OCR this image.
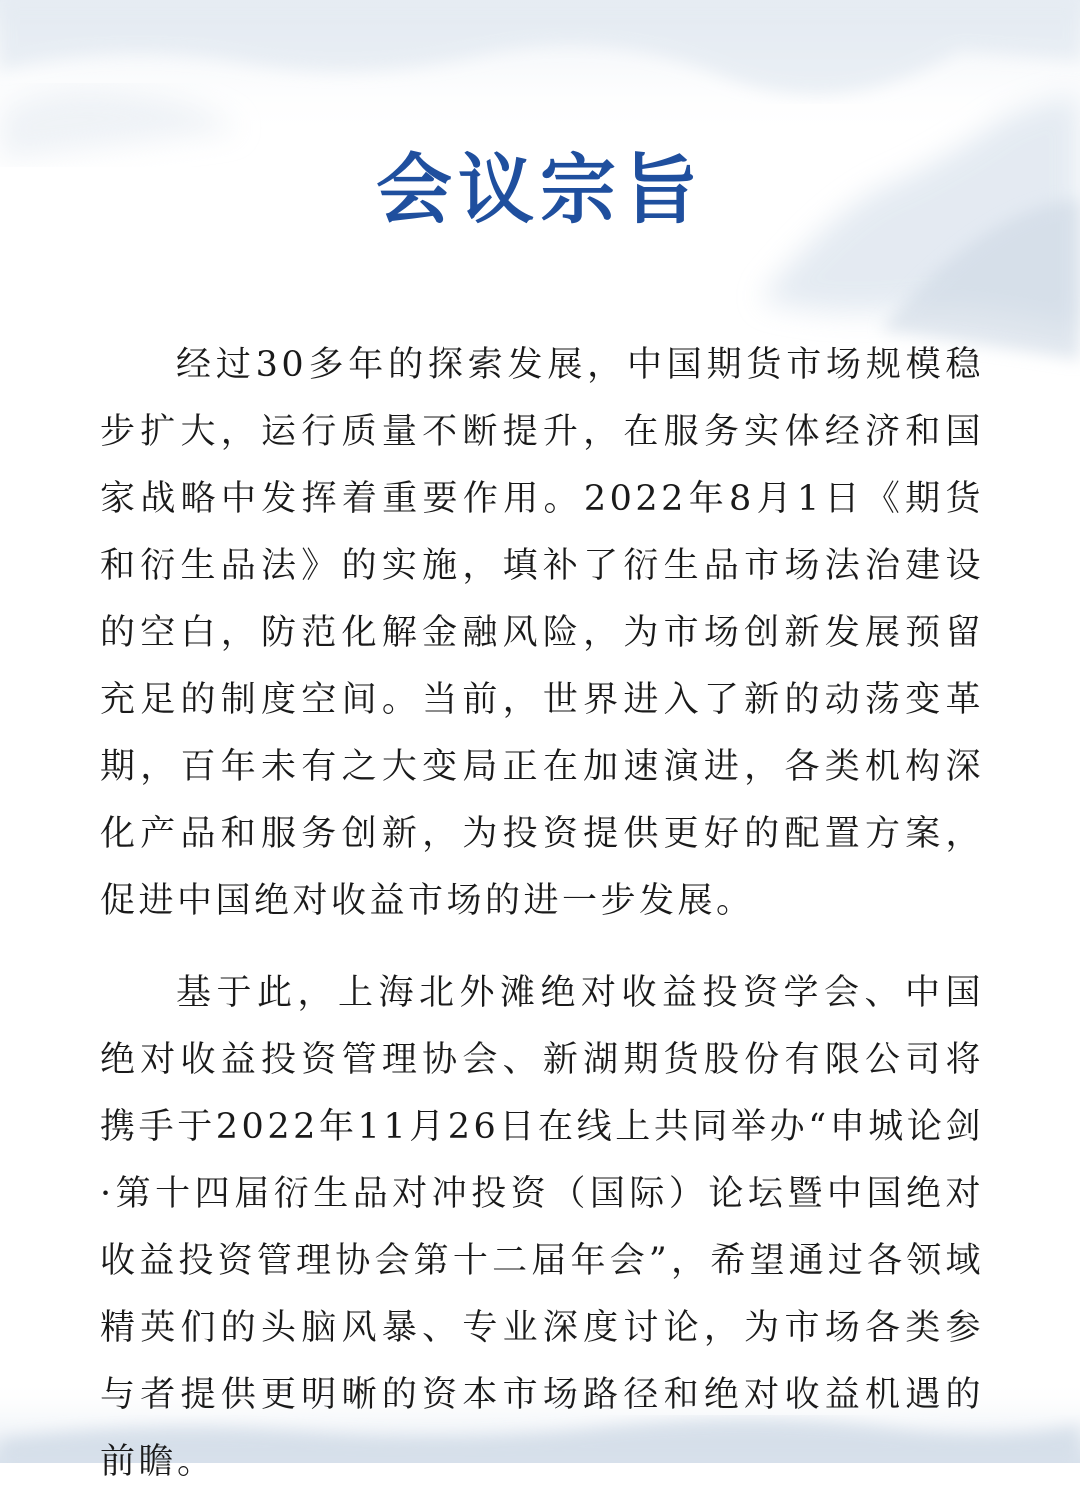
会议宗旨

经过30多年的探索发展，中国期货市场规模稳步扩大，运行质量不断提升，在服务实体经济和国家战略中发挥着重要作用。2022年8月1日《期货和衍生品法》的实施，填补了衍生品市场法治建设的空白，防范化解金融风险，为市场创新发展预留充足的制度空间。当前，世界进入了新的动荡变革期，百年未有之大变局正在加速演进，各类机构深化产品和服务创新，为投资提供更好的配置方案，促进中国绝对收益市场的进一步发展。

基于此，上海北外滩绝对收益投资学会、中国绝对收益投资管理协会、新湖期货股份有限公司将携手于2022年11月26日在线上共同举办“申城论剑·第十四届衍生品对冲投资（国际）论坛暨中国绝对收益投资管理协会第十二届年会”，希望通过各领域精英们的头脑风暴、专业深度讨论，为市场各类参与者提供更明晰的资本市场路径和绝对收益机遇的前瞻。
